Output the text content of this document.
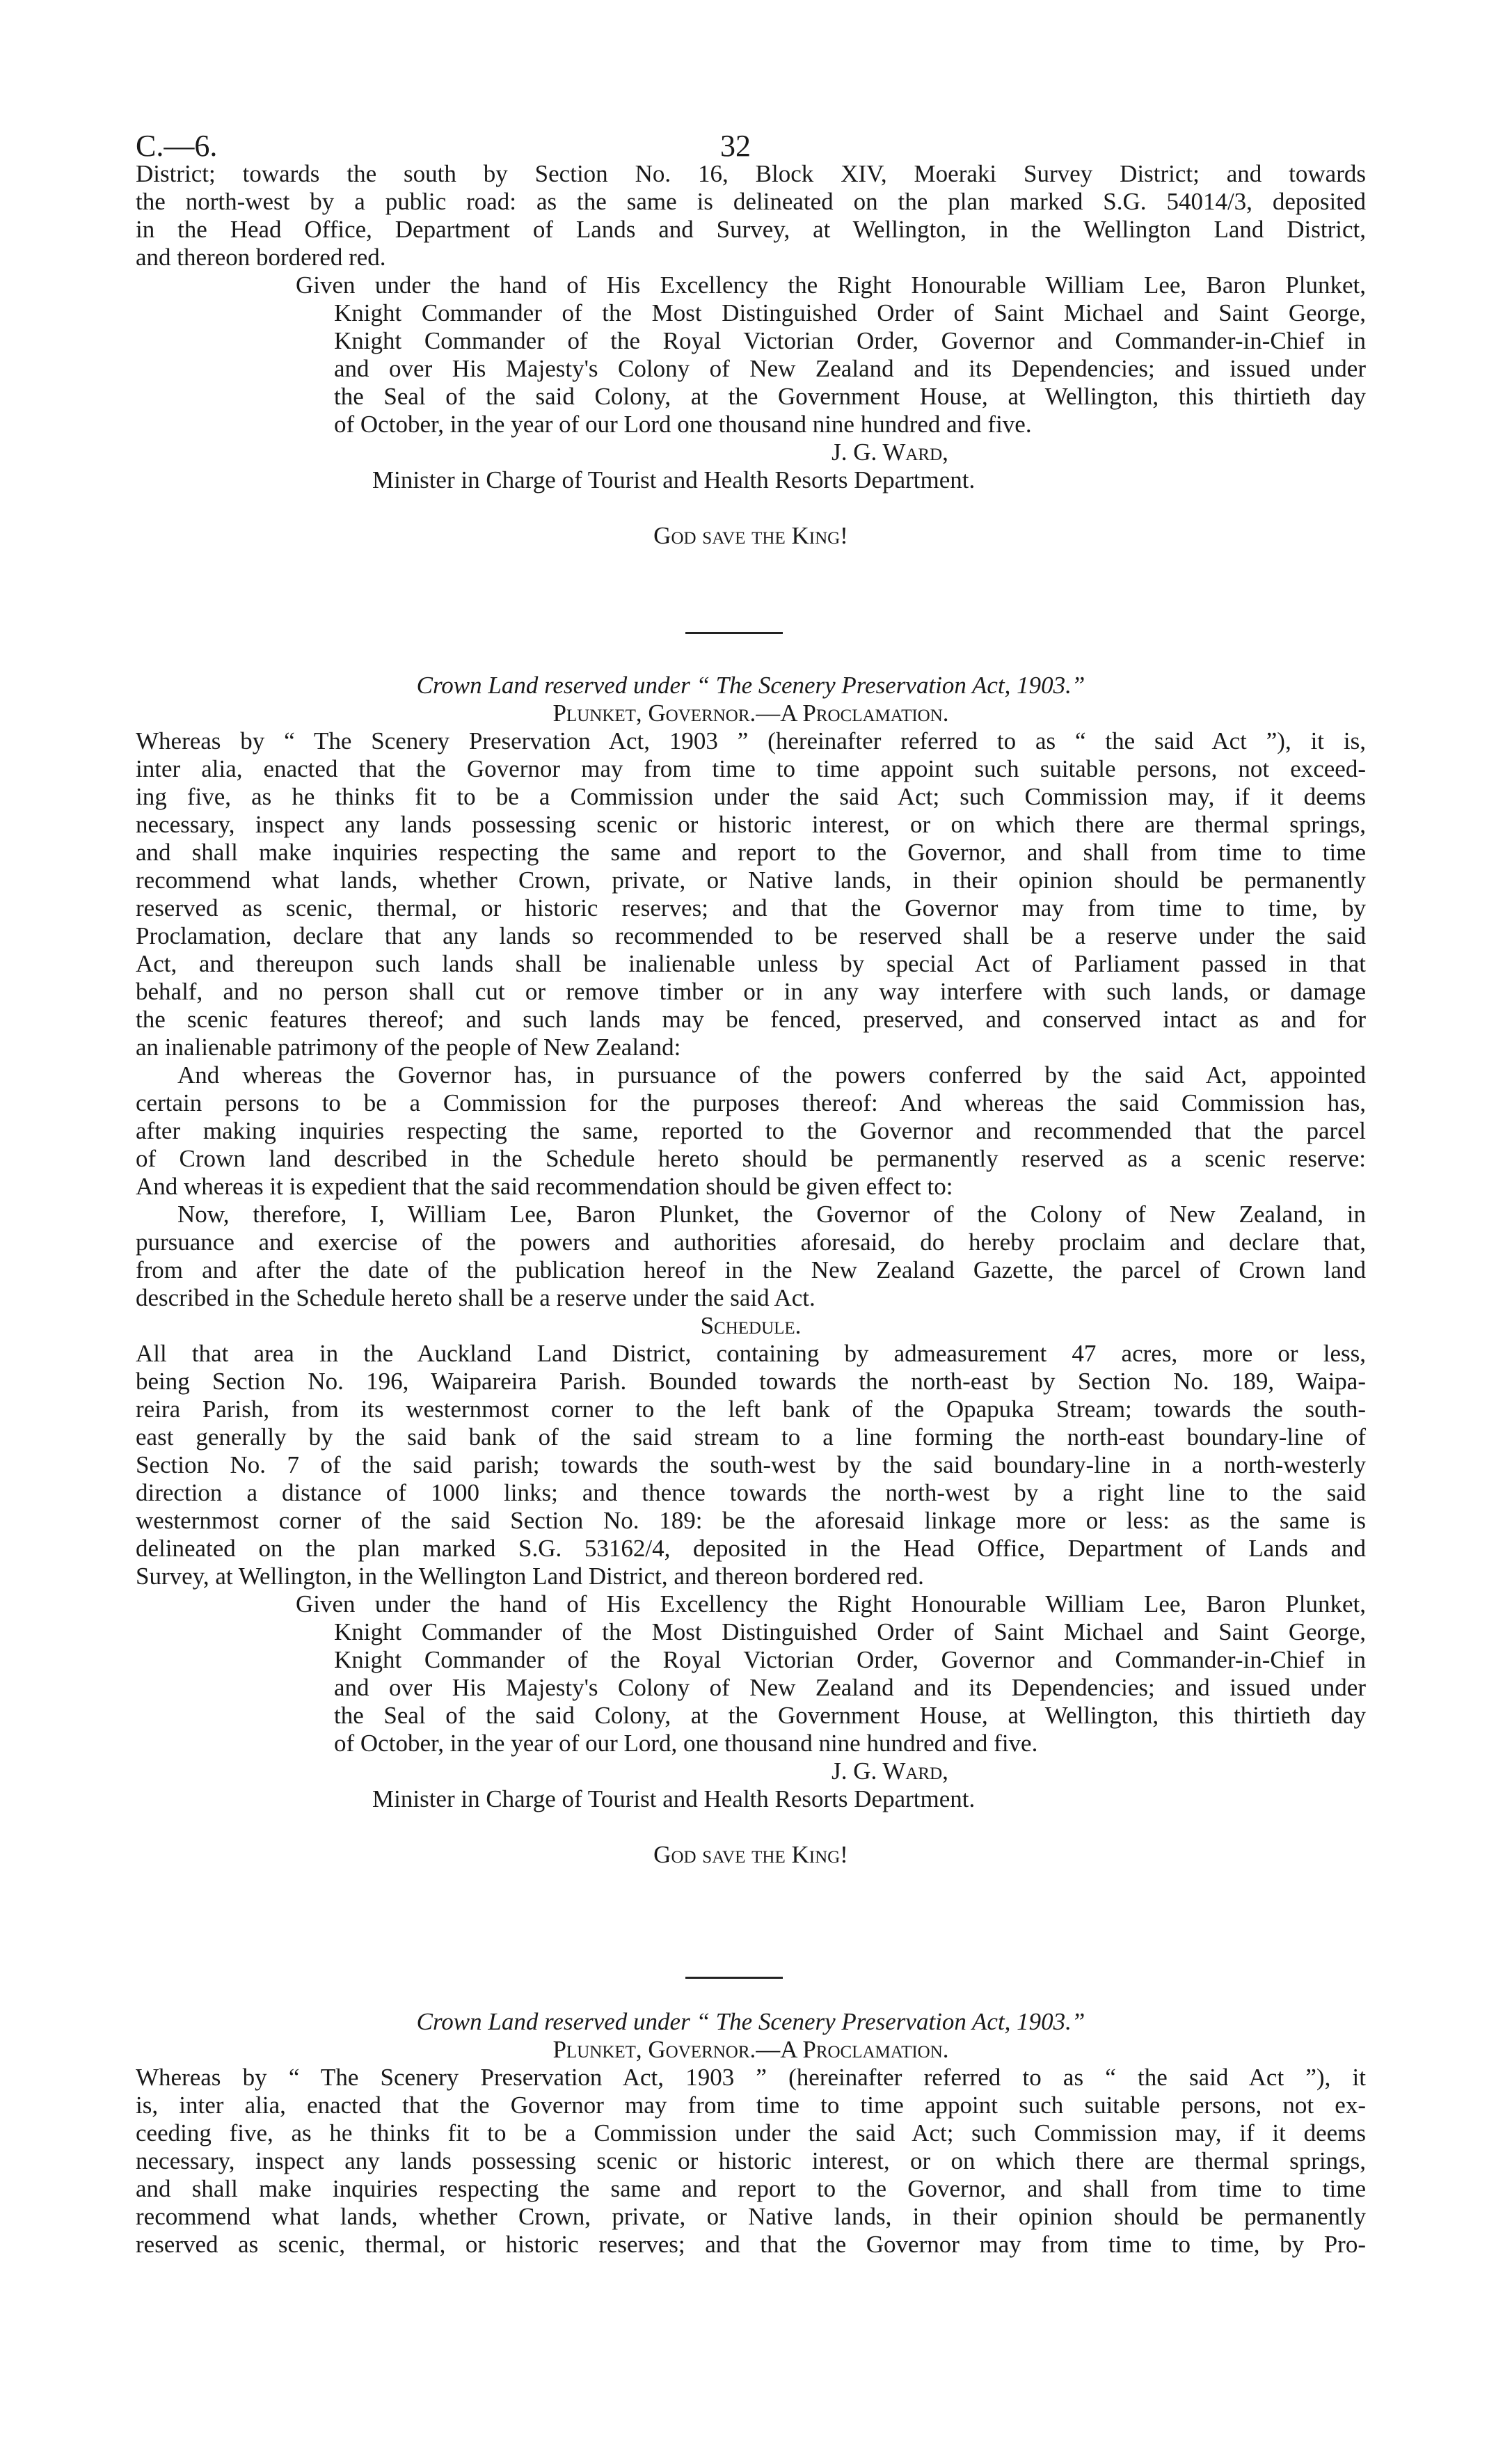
C.—6.	32
District; towards the south by Section No. 16, Block XIV, Moeraki Survey District; and towards
the north-west by a public road: as the same is delineated on the plan marked S.G. 54014/3, deposited
in the Head Office, Department of Lands and Survey, at Wellington, in the Wellington Land District,
and thereon bordered red.
Given under the hand of His Excellency the Right Honourable William Lee, Baron Plunket,
Knight Commander of the Most Distinguished Order of Saint Michael and Saint George,
Knight Commander of the Royal Victorian Order, Governor and Commander-in-Chief in
and over His Majesty's Colony of New Zealand and its Dependencies; and issued under
the Seal of the said Colony, at the Government House, at Wellington, this thirtieth day
of October, in the year of our Lord one thousand nine hundred and five.
J. G. Ward,
Minister in Charge of Tourist and Health Resorts Department.
God save the King!
Crown Land reserved under “ The Scenery Preservation Act, 1903.”
Plunket, Governor.—A Proclamation.
Whereas by “ The Scenery Preservation Act, 1903 ” (hereinafter referred to as “ the said Act ”), it is,
inter alia, enacted that the Governor may from time to time appoint such suitable persons, not exceed-
ing five, as he thinks fit to be a Commission under the said Act; such Commission may, if it deems
necessary, inspect any lands possessing scenic or historic interest, or on which there are thermal springs,
and shall make inquiries respecting the same and report to the Governor, and shall from time to time
recommend what lands, whether Crown, private, or Native lands, in their opinion should be permanently
reserved as scenic, thermal, or historic reserves; and that the Governor may from time to time, by
Proclamation, declare that any lands so recommended to be reserved shall be a reserve under the said
Act, and thereupon such lands shall be inalienable unless by special Act of Parliament passed in that
behalf, and no person shall cut or remove timber or in any way interfere with such lands, or damage
the scenic features thereof; and such lands may be fenced, preserved, and conserved intact as and for
an inalienable patrimony of the people of New Zealand:
And whereas the Governor has, in pursuance of the powers conferred by the said Act, appointed
certain persons to be a Commission for the purposes thereof: And whereas the said Commission has,
after making inquiries respecting the same, reported to the Governor and recommended that the parcel
of Crown land described in the Schedule hereto should be permanently reserved as a scenic reserve:
And whereas it is expedient that the said recommendation should be given effect to:
Now, therefore, I, William Lee, Baron Plunket, the Governor of the Colony of New Zealand, in
pursuance and exercise of the powers and authorities aforesaid, do hereby proclaim and declare that,
from and after the date of the publication hereof in the New Zealand Gazette, the parcel of Crown land
described in the Schedule hereto shall be a reserve under the said Act.
Schedule.
All that area in the Auckland Land District, containing by admeasurement 47 acres, more or less,
being Section No. 196, Waipareira Parish. Bounded towards the north-east by Section No. 189, Waipa-
reira Parish, from its westernmost corner to the left bank of the Opapuka Stream; towards the south-
east generally by the said bank of the said stream to a line forming the north-east boundary-line of
Section No. 7 of the said parish; towards the south-west by the said boundary-line in a north-westerly
direction a distance of 1000 links; and thence towards the north-west by a right line to the said
westernmost corner of the said Section No. 189: be the aforesaid linkage more or less: as the same is
delineated on the plan marked S.G. 53162/4, deposited in the Head Office, Department of Lands and
Survey, at Wellington, in the Wellington Land District, and thereon bordered red.
Given under the hand of His Excellency the Right Honourable William Lee, Baron Plunket,
Knight Commander of the Most Distinguished Order of Saint Michael and Saint George,
Knight Commander of the Royal Victorian Order, Governor and Commander-in-Chief in
and over His Majesty's Colony of New Zealand and its Dependencies; and issued under
the Seal of the said Colony, at the Government House, at Wellington, this thirtieth day
of October, in the year of our Lord, one thousand nine hundred and five.
J. G. Ward,
Minister in Charge of Tourist and Health Resorts Department.
God save the King!
Crown Land reserved under “ The Scenery Preservation Act, 1903.”
Plunket, Governor.—A Proclamation.
Whereas by “ The Scenery Preservation Act, 1903 ” (hereinafter referred to as “ the said Act ”), it
is, inter alia, enacted that the Governor may from time to time appoint such suitable persons, not ex-
ceeding five, as he thinks fit to be a Commission under the said Act; such Commission may, if it deems
necessary, inspect any lands possessing scenic or historic interest, or on which there are thermal springs,
and shall make inquiries respecting the same and report to the Governor, and shall from time to time
recommend what lands, whether Crown, private, or Native lands, in their opinion should be permanently
reserved as scenic, thermal, or historic reserves; and that the Governor may from time to time, by Pro-
